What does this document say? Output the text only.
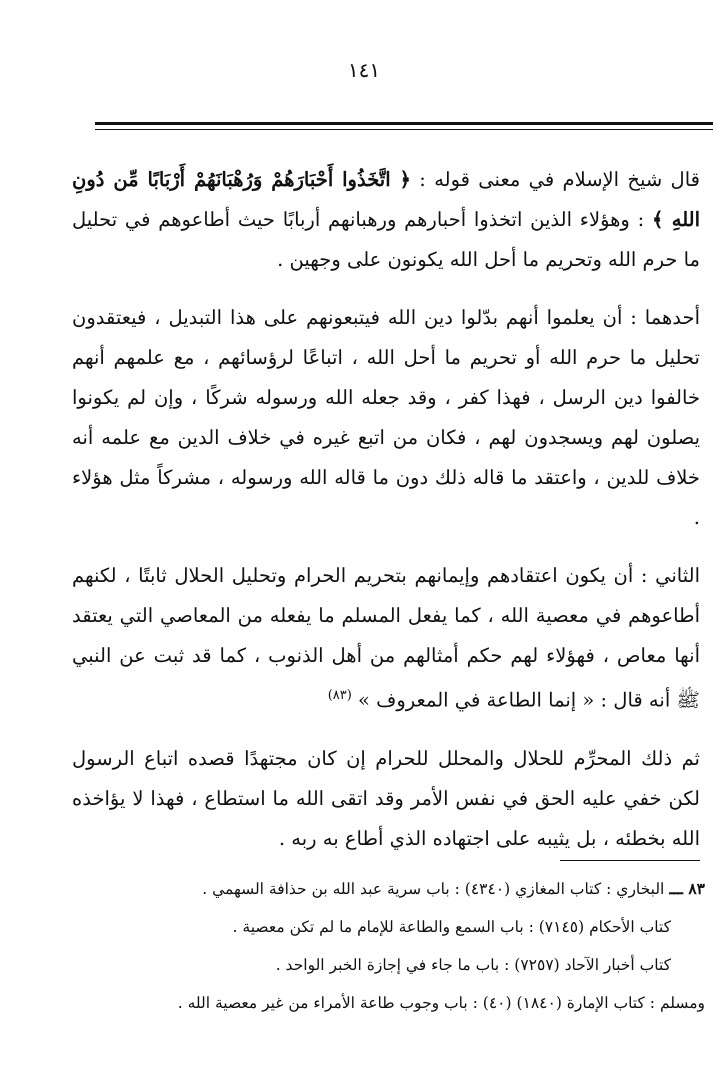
١٤١

قال شيخ الإسلام في معنى قوله : ﴿ اتَّخَذُوا أَحْبَارَهُمْ وَرُهْبَانَهُمْ أَرْبَابًا مِّن دُونِ اللهِ ﴾ : وهؤلاء الذين اتخذوا أحبارهم ورهبانهم أربابًا حيث أطاعوهم في تحليل ما حرم الله وتحريم ما أحل الله يكونون على وجهين .

أحدهما : أن يعلموا أنهم بدّلوا دين الله فيتبعونهم على هذا التبديل ، فيعتقدون تحليل ما حرم الله أو تحريم ما أحل الله ، اتباعًا لرؤسائهم ، مع علمهم أنهم خالفوا دين الرسل ، فهذا كفر ، وقد جعله الله ورسوله شركًا ، وإن لم يكونوا يصلون لهم ويسجدون لهم ، فكان من اتبع غيره في خلاف الدين مع علمه أنه خلاف للدين ، واعتقد ما قاله ذلك دون ما قاله الله ورسوله ، مشركاً مثل هؤلاء .

الثاني : أن يكون اعتقادهم وإيمانهم بتحريم الحرام وتحليل الحلال ثابتًا ، لكنهم أطاعوهم في معصية الله ، كما يفعل المسلم ما يفعله من المعاصي التي يعتقد أنها معاص ، فهؤلاء لهم حكم أمثالهم من أهل الذنوب ، كما قد ثبت عن النبي ﷺ أنه قال : « إنما الطاعة في المعروف » $^{(٨٣)}$

ثم ذلك المحرِّم للحلال والمحلل للحرام إن كان مجتهدًا قصده اتباع الرسول لكن خفي عليه الحق في نفس الأمر وقد اتقى الله ما استطاع ، فهذا لا يؤاخذه الله بخطئه ، بل يثيبه على اجتهاده الذي أطاع به ربه .

٨٣ ـــ البخاري : كتاب المغازي (٤٣٤٠) : باب سرية عبد الله بن حذافة السهمي .

كتاب الأحكام (٧١٤٥) : باب السمع والطاعة للإمام ما لم تكن معصية .

كتاب أخبار الآحاد (٧٢٥٧) : باب ما جاء في إجازة الخبر الواحد .

ومسلم : كتاب الإمارة (١٨٤٠) (٤٠) : باب وجوب طاعة الأمراء من غير معصية الله .
